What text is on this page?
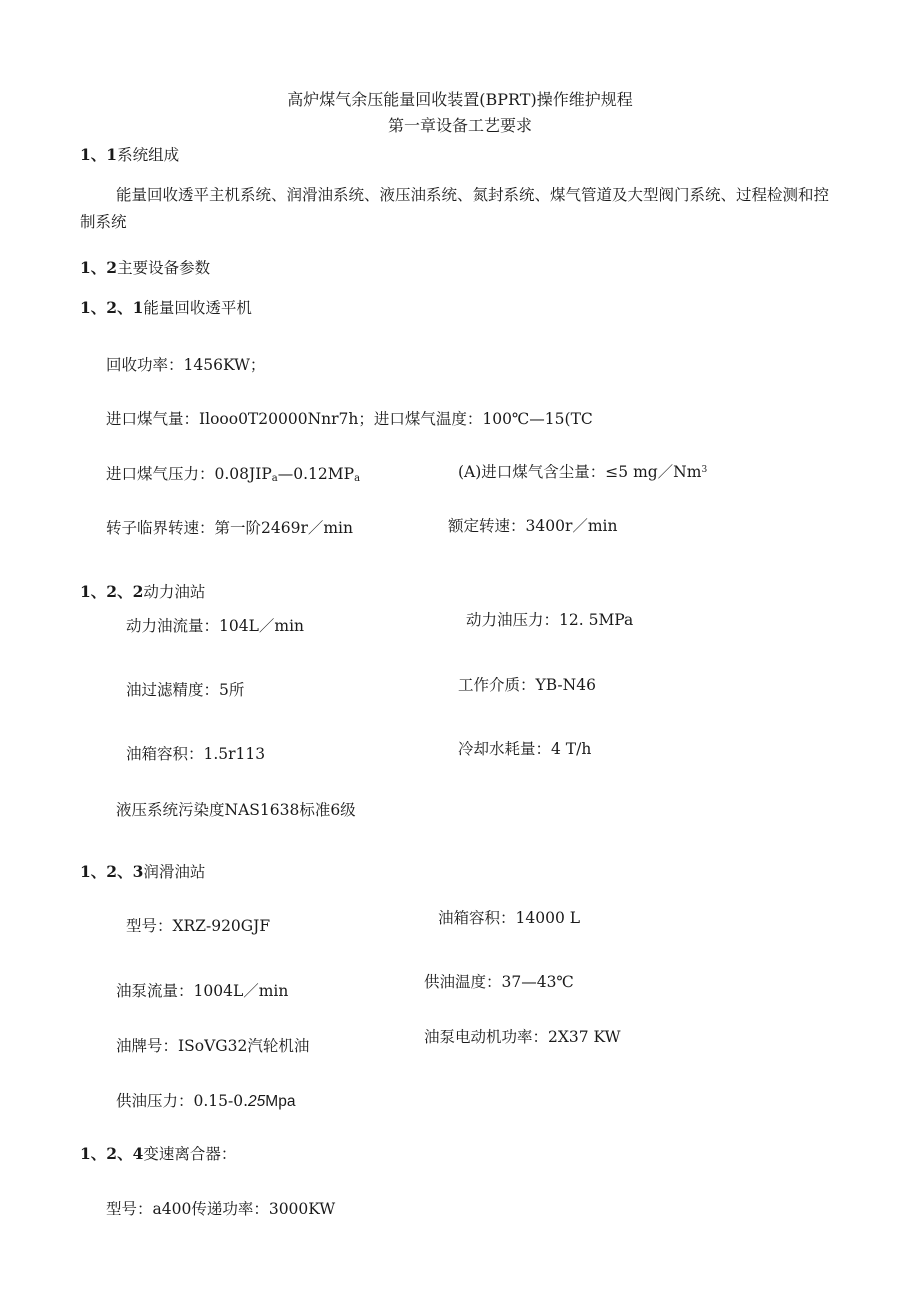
高炉煤气余压能量回收装置(BPRT)操作维护规程
第一章设备工艺要求
1、1系统组成
能量回收透平主机系统、润滑油系统、液压油系统、氮封系统、煤气管道及大型阀门系统、过程检测和控制系统
1、2主要设备参数
1、2、1能量回收透平机
回收功率：1456KW；
进口煤气量：Ilooo0T20000Nnr7h；进口煤气温度：100℃—15(TC
进口煤气压力：$0.08JIP_a—0.12MP_a$	(A)进口煤气含尘量：≤5 mg／Nm$^3$
转子临界转速：第一阶2469r／min	额定转速：3400r／min
1、2、2动力油站
动力油流量：104L／min	动力油压力：12. 5MPa
油过滤精度：5所	工作介质：YB-N46
油箱容积：1.5r113	冷却水耗量：4 T/h
液压系统污染度NAS1638标准6级
1、2、3润滑油站
型号：XRZ-920GJF	油箱容积：14000 L
油泵流量：1004L／min	供油温度：37—43℃
油牌号：ISoVG32汽轮机油	油泵电动机功率：2X37 KW
供油压力：0.15-0.25Mpa
1、2、4变速离合器：
型号：a400传递功率：3000KW
